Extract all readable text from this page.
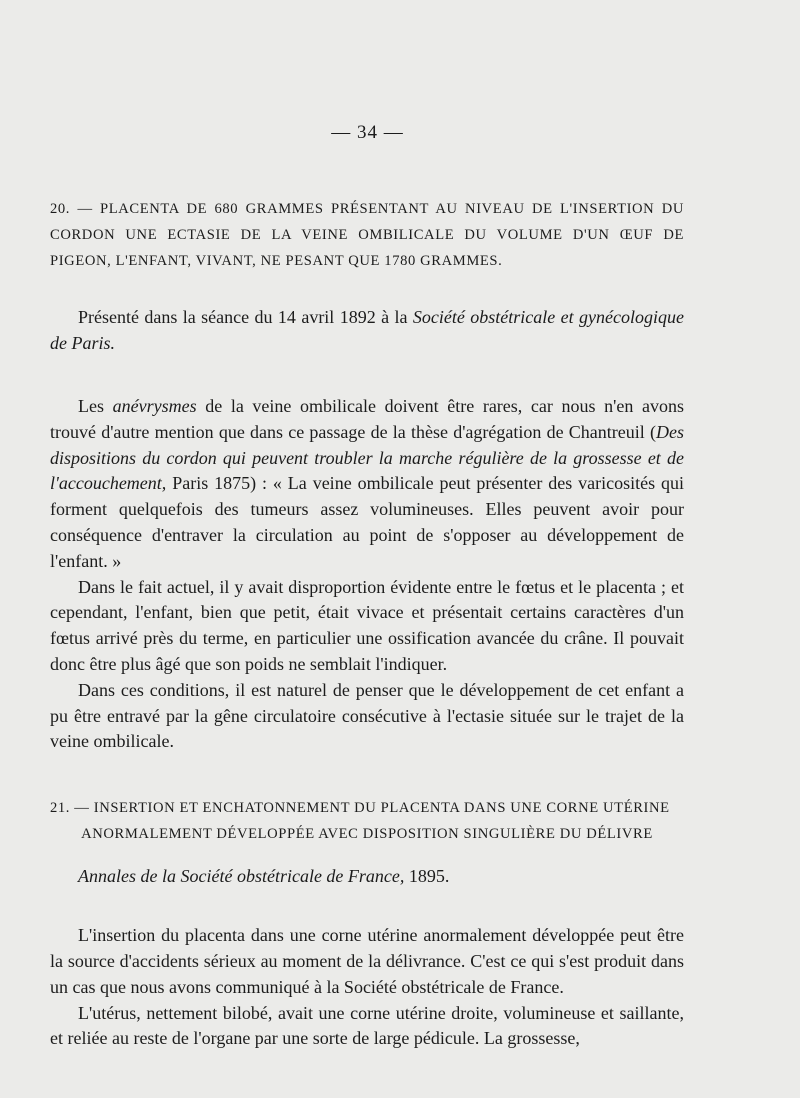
— 34 —

20. — PLACENTA DE 680 GRAMMES PRÉSENTANT AU NIVEAU DE L'INSERTION DU CORDON UNE ECTASIE DE LA VEINE OMBILICALE DU VOLUME D'UN ŒUF DE PIGEON, L'ENFANT, VIVANT, NE PESANT QUE 1780 GRAMMES.

Présenté dans la séance du 14 avril 1892 à la Société obstétricale et gynécologique de Paris.

Les anévrysmes de la veine ombilicale doivent être rares, car nous n'en avons trouvé d'autre mention que dans ce passage de la thèse d'agrégation de Chantreuil (Des dispositions du cordon qui peuvent troubler la marche régulière de la grossesse et de l'accouchement, Paris 1875) : « La veine ombilicale peut présenter des varicosités qui forment quelquefois des tumeurs assez volumineuses. Elles peuvent avoir pour conséquence d'entraver la circulation au point de s'opposer au développement de l'enfant. »

Dans le fait actuel, il y avait disproportion évidente entre le fœtus et le placenta ; et cependant, l'enfant, bien que petit, était vivace et présentait certains caractères d'un fœtus arrivé près du terme, en particulier une ossification avancée du crâne. Il pouvait donc être plus âgé que son poids ne semblait l'indiquer.

Dans ces conditions, il est naturel de penser que le développement de cet enfant a pu être entravé par la gêne circulatoire consécutive à l'ectasie située sur le trajet de la veine ombilicale.

21. — INSERTION ET ENCHATONNEMENT DU PLACENTA DANS UNE CORNE UTÉRINE

ANORMALEMENT DÉVELOPPÉE AVEC DISPOSITION SINGULIÈRE DU DÉLIVRE

Annales de la Société obstétricale de France, 1895.

L'insertion du placenta dans une corne utérine anormalement développée peut être la source d'accidents sérieux au moment de la délivrance. C'est ce qui s'est produit dans un cas que nous avons communiqué à la Société obstétricale de France.

L'utérus, nettement bilobé, avait une corne utérine droite, volumineuse et saillante, et reliée au reste de l'organe par une sorte de large pédicule. La grossesse,
